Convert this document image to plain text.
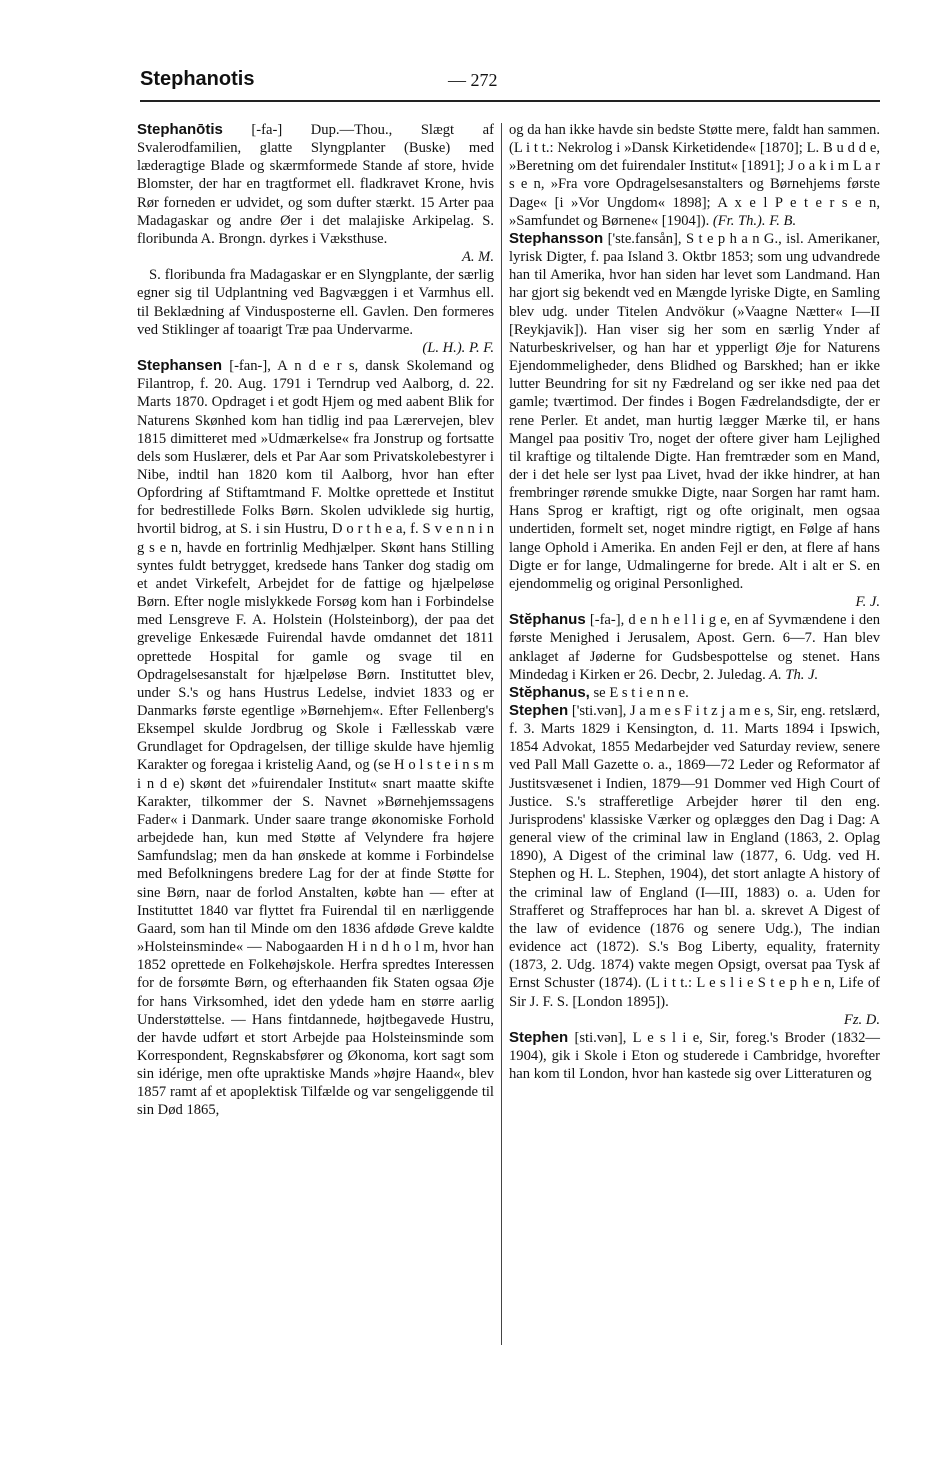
Stephanotis	— 272
Stephanōtis [-fa-] Dup.—Thou., Slægt af Svalerodfamilien, glatte Slyngplanter (Buske) med læderagtige Blade og skærmformede Stande af store, hvide Blomster, der har en tragtformet ell. fladkravet Krone, hvis Rør forneden er udvidet, og som dufter stærkt. 15 Arter paa Madagaskar og andre Øer i det malajiske Arkipelag. S. floribunda A. Brongn. dyrkes i Væksthuse.
A. M.
S. floribunda fra Madagaskar er en Slyngplante, der særlig egner sig til Udplantning ved Bagvæggen i et Varmhus ell. til Beklædning af Vindusposterne ell. Gavlen. Den formeres ved Stiklinger af toaarigt Træ paa Undervarme.
(L. H.). P. F.
Stephansen [-fan-], A n d e r s, dansk Skolemand og Filantrop, f. 20. Aug. 1791 i Terndrup ved Aalborg, d. 22. Marts 1870. Opdraget i et godt Hjem og med aabent Blik for Naturens Skønhed kom han tidlig ind paa Lærervejen, blev 1815 dimitteret med »Udmærkelse« fra Jonstrup og fortsatte dels som Huslærer, dels et Par Aar som Privatskolebestyrer i Nibe, indtil han 1820 kom til Aalborg, hvor han efter Opfordring af Stiftamtmand F. Moltke oprettede et Institut for bedrestillede Folks Børn. Skolen udviklede sig hurtig, hvortil bidrog, at S. i sin Hustru, D o r t h e a, f. S v e n n i n g s e n, havde en fortrinlig Medhjælper. Skønt hans Stilling syntes fuldt betrygget, kredsede hans Tanker dog stadig om et andet Virkefelt, Arbejdet for de fattige og hjælpeløse Børn. Efter nogle mislykkede Forsøg kom han i Forbindelse med Lensgreve F. A. Holstein (Holsteinborg), der paa det grevelige Enkesæde Fuirendal havde omdannet det 1811 oprettede Hospital for gamle og svage til en Opdragelsesanstalt for hjælpeløse Børn. Instituttet blev, under S.'s og hans Hustrus Ledelse, indviet 1833 og er Danmarks første egentlige »Børnehjem«. Efter Fellenberg's Eksempel skulde Jordbrug og Skole i Fællesskab være Grundlaget for Opdragelsen, der tillige skulde have hjemlig Karakter og foregaa i kristelig Aand, og (se H o l s t e i n s m i n d e) skønt det »fuirendaler Institut« snart maatte skifte Karakter, tilkommer der S. Navnet »Børnehjemssagens Fader« i Danmark. Under saare trange økonomiske Forhold arbejdede han, kun med Støtte af Velyndere fra højere Samfundslag; men da han ønskede at komme i Forbindelse med Befolkningens bredere Lag for der at finde Støtte for sine Børn, naar de forlod Anstalten, købte han — efter at Instituttet 1840 var flyttet fra Fuirendal til en nærliggende Gaard, som han til Minde om den 1836 afdøde Greve kaldte »Holsteinsminde« — Nabogaarden H i n d h o l m, hvor han 1852 oprettede en Folkehøjskole. Herfra spredtes Interessen for de forsømte Børn, og efterhaanden fik Staten ogsaa Øje for hans Virksomhed, idet den ydede ham en større aarlig Understøttelse. — Hans fintdannede, højtbegavede Hustru, der havde udført et stort Arbejde paa Holsteinsminde som Korrespondent, Regnskabsfører og Økonoma, kort sagt som sin idérige, men ofte upraktiske Mands »højre Haand«, blev 1857 ramt af et apoplektisk Tilfælde og var sengeliggende til sin Død 1865,
og da han ikke havde sin bedste Støtte mere, faldt han sammen. (L i t t.: Nekrolog i »Dansk Kirketidende« [1870]; L. B u d d e, »Beretning om det fuirendaler Institut« [1891]; J o a k i m L a r s e n, »Fra vore Opdragelsesanstalters og Børnehjems første Dage« [i »Vor Ungdom« 1898]; A x e l P e t e r s e n, »Samfundet og Børnene« [1904]). (Fr. Th.). F. B.
Stephansson ['ste.fansån], S t e p h a n G., isl. Amerikaner, lyrisk Digter, f. paa Island 3. Oktbr 1853; som ung udvandrede han til Amerika, hvor han siden har levet som Landmand. Han har gjort sig bekendt ved en Mængde lyriske Digte, en Samling blev udg. under Titelen Andvökur (»Vaagne Nætter« I—II [Reykjavik]). Han viser sig her som en særlig Ynder af Naturbeskrivelser, og han har et ypperligt Øje for Naturens Ejendommeligheder, dens Blidhed og Barskhed; han er ikke lutter Beundring for sit ny Fædreland og ser ikke ned paa det gamle; tværtimod. Der findes i Bogen Fædrelandsdigte, der er rene Perler. Et andet, man hurtig lægger Mærke til, er hans Mangel paa positiv Tro, noget der oftere giver ham Lejlighed til kraftige og tiltalende Digte. Han fremtræder som en Mand, der i det hele ser lyst paa Livet, hvad der ikke hindrer, at han frembringer rørende smukke Digte, naar Sorgen har ramt ham. Hans Sprog er kraftigt, rigt og ofte originalt, men ogsaa undertiden, formelt set, noget mindre rigtigt, en Følge af hans lange Ophold i Amerika. En anden Fejl er den, at flere af hans Digte er for lange, Udmalingerne for brede. Alt i alt er S. en ejendommelig og original Personlighed.
F. J.
Stĕphanus [-fa-], d e n h e l l i g e, en af Syvmændene i den første Menighed i Jerusalem, Apost. Gern. 6—7. Han blev anklaget af Jøderne for Gudsbespottelse og stenet. Hans Mindedag i Kirken er 26. Decbr, 2. Juledag. A. Th. J.
Stĕphanus, se E s t i e n n e.
Stephen ['sti.vən], J a m e s F i t z j a m e s, Sir, eng. retslærd, f. 3. Marts 1829 i Kensington, d. 11. Marts 1894 i Ipswich, 1854 Advokat, 1855 Medarbejder ved Saturday review, senere ved Pall Mall Gazette o. a., 1869—72 Leder og Reformator af Justitsvæsenet i Indien, 1879—91 Dommer ved High Court of Justice. S.'s strafferetlige Arbejder hører til den eng. Jurisprodens' klassiske Værker og oplægges den Dag i Dag: A general view of the criminal law in England (1863, 2. Oplag 1890), A Digest of the criminal law (1877, 6. Udg. ved H. Stephen og H. L. Stephen, 1904), det stort anlagte A history of the criminal law of England (I—III, 1883) o. a. Uden for Strafferet og Straffeproces har han bl. a. skrevet A Digest of the law of evidence (1876 og senere Udg.), The indian evidence act (1872). S.'s Bog Liberty, equality, fraternity (1873, 2. Udg. 1874) vakte megen Opsigt, oversat paa Tysk af Ernst Schuster (1874). (L i t t.: L e s l i e S t e p h e n, Life of Sir J. F. S. [London 1895]).
Fz. D.
Stephen [sti.vən], L e s l i e, Sir, foreg.'s Broder (1832—1904), gik i Skole i Eton og studerede i Cambridge, hvorefter han kom til London, hvor han kastede sig over Litteraturen og
